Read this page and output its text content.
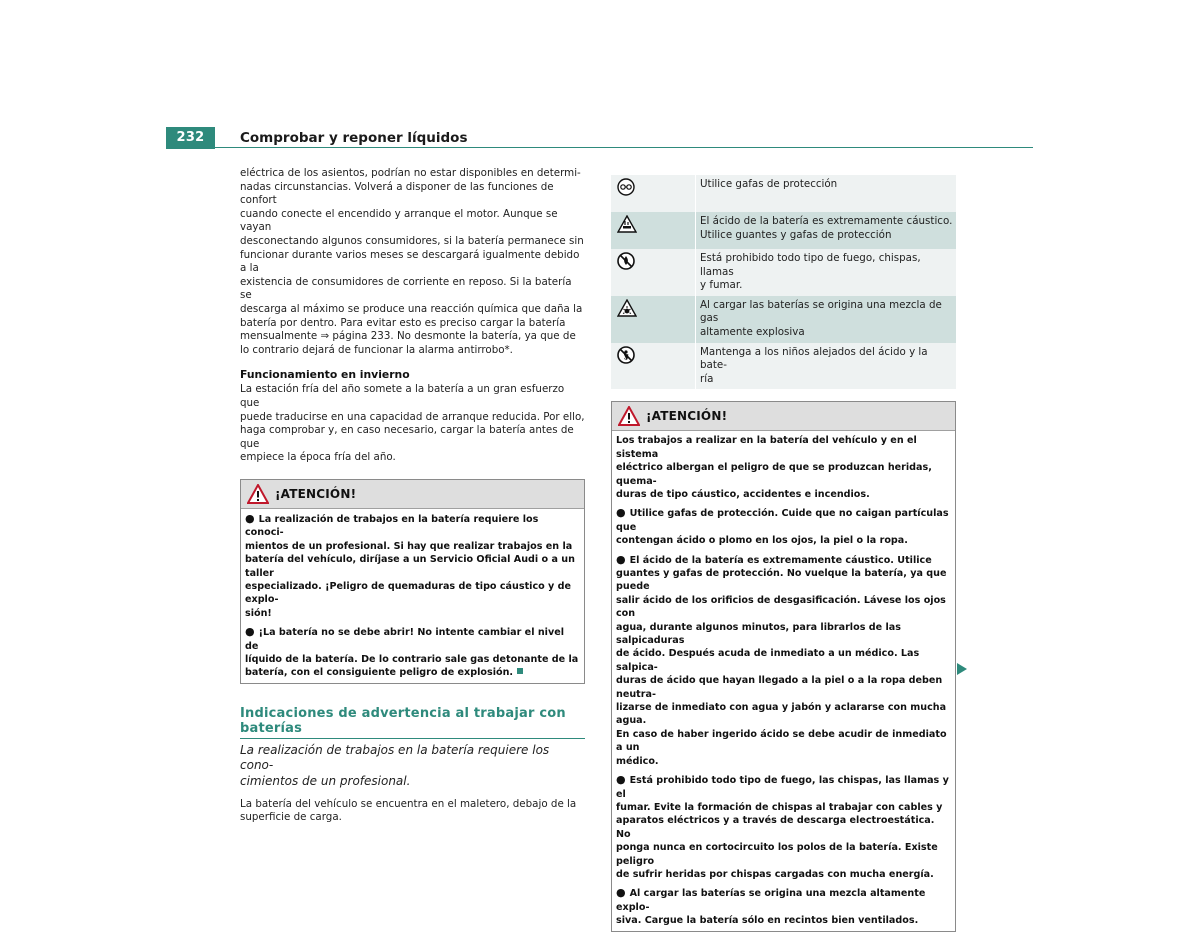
232	Comprobar y reponer líquidos

eléctrica de los asientos, podrían no estar disponibles en determi-
nadas circunstancias. Volverá a disponer de las funciones de confort
cuando conecte el encendido y arranque el motor. Aunque se vayan
desconectando algunos consumidores, si la batería permanece sin
funcionar durante varios meses se descargará igualmente debido a la
existencia de consumidores de corriente en reposo. Si la batería se
descarga al máximo se produce una reacción química que daña la
batería por dentro. Para evitar esto es preciso cargar la batería
mensualmente ⇒ página 233. No desmonte la batería, ya que de
lo contrario dejará de funcionar la alarma antirrobo*.

Funcionamiento en invierno

La estación fría del año somete a la batería a un gran esfuerzo que
puede traducirse en una capacidad de arranque reducida. Por ello,
haga comprobar y, en caso necesario, cargar la batería antes de que
empiece la época fría del año.

¡ATENCIÓN!

● La realización de trabajos en la batería requiere los conoci-
mientos de un profesional. Si hay que realizar trabajos en la
batería del vehículo, diríjase a un Servicio Oficial Audi o a un taller
especializado. ¡Peligro de quemaduras de tipo cáustico y de explo-
sión!

● ¡La batería no se debe abrir! No intente cambiar el nivel de
líquido de la batería. De lo contrario sale gas detonante de la
batería, con el consiguiente peligro de explosión.

Indicaciones de advertencia al trabajar con
baterías

La realización de trabajos en la batería requiere los cono-
cimientos de un profesional.

La batería del vehículo se encuentra en el maletero, debajo de la
superficie de carga.

	Utilice gafas de protección

	El ácido de la batería es extremamente cáustico.
Utilice guantes y gafas de protección

	Está prohibido todo tipo de fuego, chispas, llamas
y fumar.

	Al cargar las baterías se origina una mezcla de gas
altamente explosiva

	Mantenga a los niños alejados del ácido y la bate-
ría
¡ATENCIÓN!

Los trabajos a realizar en la batería del vehículo y en el sistema
eléctrico albergan el peligro de que se produzcan heridas, quema-
duras de tipo cáustico, accidentes e incendios.

● Utilice gafas de protección. Cuide que no caigan partículas que
contengan ácido o plomo en los ojos, la piel o la ropa.

● El ácido de la batería es extremamente cáustico. Utilice
guantes y gafas de protección. No vuelque la batería, ya que puede
salir ácido de los orificios de desgasificación. Lávese los ojos con
agua, durante algunos minutos, para librarlos de las salpicaduras
de ácido. Después acuda de inmediato a un médico. Las salpica-
duras de ácido que hayan llegado a la piel o a la ropa deben neutra-
lizarse de inmediato con agua y jabón y aclararse con mucha agua.
En caso de haber ingerido ácido se debe acudir de inmediato a un
médico.

● Está prohibido todo tipo de fuego, las chispas, las llamas y el
fumar. Evite la formación de chispas al trabajar con cables y
aparatos eléctricos y a través de descarga electroestática. No
ponga nunca en cortocircuito los polos de la batería. Existe peligro
de sufrir heridas por chispas cargadas con mucha energía.

● Al cargar las baterías se origina una mezcla altamente explo-
siva. Cargue la batería sólo en recintos bien ventilados.
